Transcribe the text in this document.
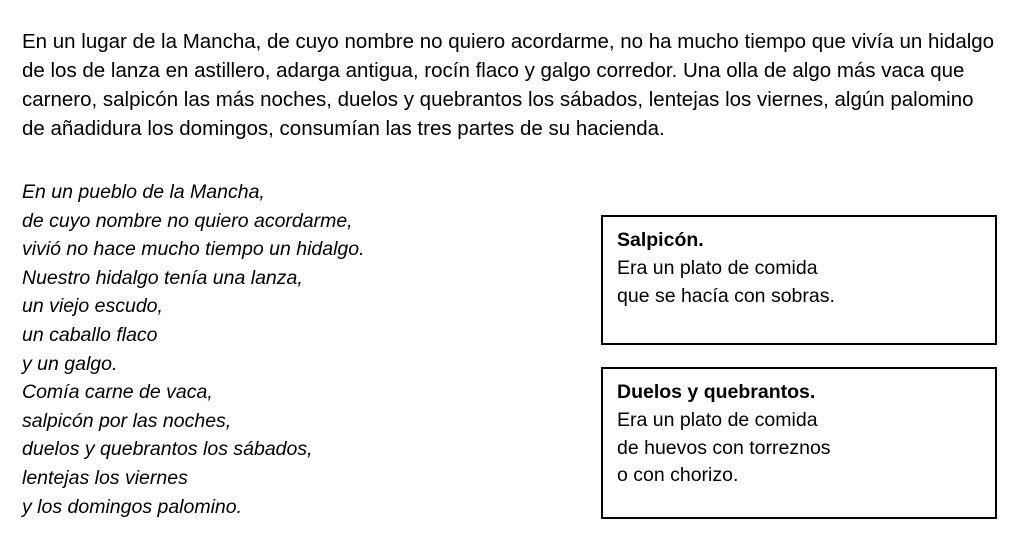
En un lugar de la Mancha, de cuyo nombre no quiero acordarme, no ha mucho tiempo que vivía un hidalgo de los de lanza en astillero, adarga antigua, rocín flaco y galgo corredor. Una olla de algo más vaca que carnero, salpicón las más noches, duelos y quebrantos los sábados, lentejas los viernes, algún palomino de añadidura los domingos, consumían las tres partes de su hacienda.

En un pueblo de la Mancha,
de cuyo nombre no quiero acordarme,
vivió no hace mucho tiempo un hidalgo.
Nuestro hidalgo tenía una lanza,
un viejo escudo,
un caballo flaco
y un galgo.
Comía carne de vaca,
salpicón por las noches,
duelos y quebrantos los sábados,
lentejas los viernes
y los domingos palomino.
Salpicón.
Era un plato de comida
que se hacía con sobras.
Duelos y quebrantos.
Era un plato de comida
de huevos con torreznos
o con chorizo.
